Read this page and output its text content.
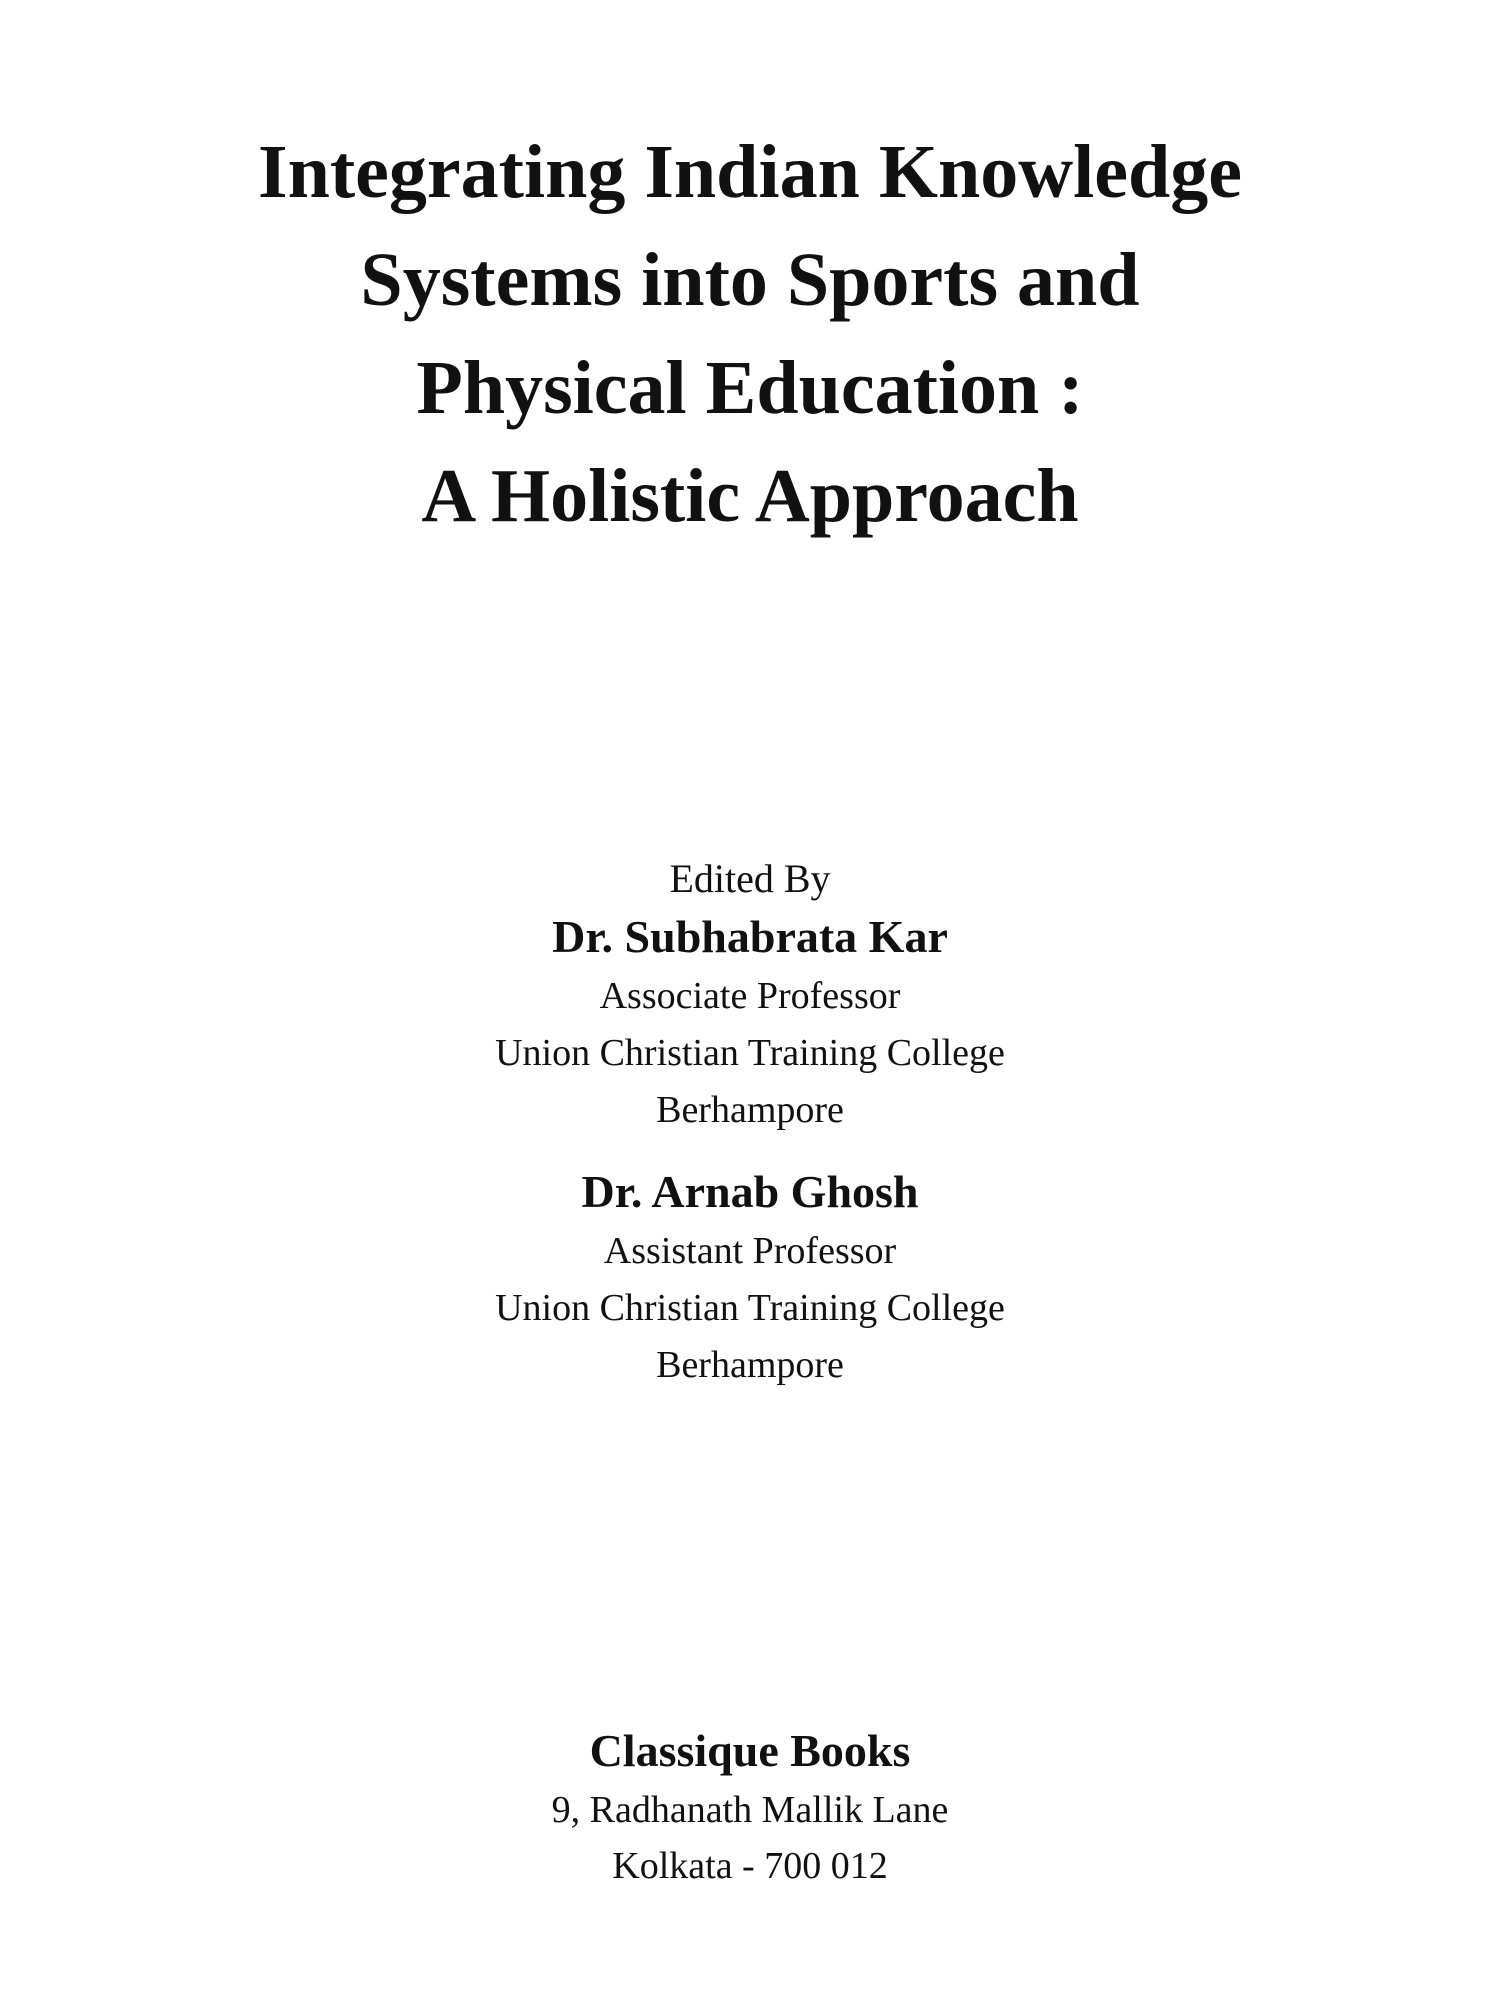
Integrating Indian Knowledge
Systems into Sports and
Physical Education :
A Holistic Approach
Edited By
Dr. Subhabrata Kar
Associate Professor
Union Christian Training College
Berhampore
Dr. Arnab Ghosh
Assistant Professor
Union Christian Training College
Berhampore
Classique Books
9, Radhanath Mallik Lane
Kolkata - 700 012
